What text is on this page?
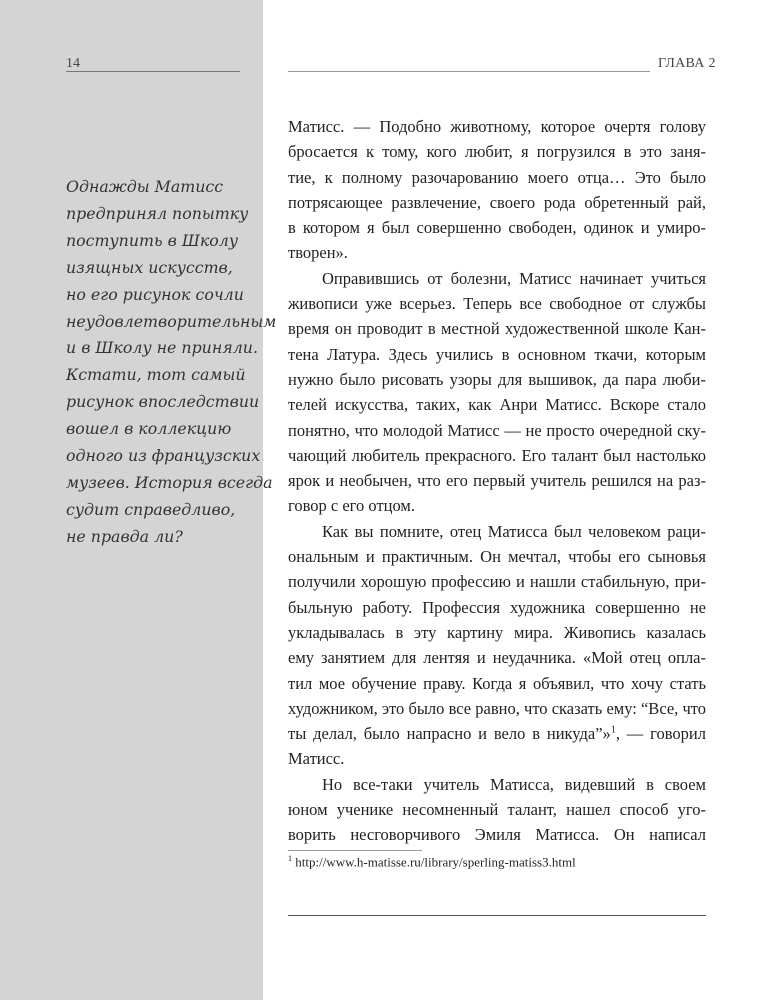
14	ГЛАВА 2
Однажды Матисс
предпринял попытку
поступить в Школу
изящных искусств,
но его рисунок сочли
неудовлетворительным
и в Школу не приняли.
Кстати, тот самый
рисунок впоследствии
вошел в коллекцию
одного из французских
музеев. История всегда
судит справедливо,
не правда ли?
Матисс. — Подобно животному, которое очертя голову
бросается к тому, кого любит, я погрузился в это заня-
тие, к полному разочарованию моего отца… Это было
потрясающее развлечение, своего рода обретенный рай,
в котором я был совершенно свободен, одинок и умиро-
творен».
Оправившись от болезни, Матисс начинает учиться
живописи уже всерьез. Теперь все свободное от службы
время он проводит в местной художественной школе Кан-
тена Латура. Здесь учились в основном ткачи, которым
нужно было рисовать узоры для вышивок, да пара люби-
телей искусства, таких, как Анри Матисс. Вскоре стало
понятно, что молодой Матисс — не просто очередной ску-
чающий любитель прекрасного. Его талант был настолько
ярок и необычен, что его первый учитель решился на раз-
говор с его отцом.
Как вы помните, отец Матисса был человеком раци-
ональным и практичным. Он мечтал, чтобы его сыновья
получили хорошую профессию и нашли стабильную, при-
быльную работу. Профессия художника совершенно не
укладывалась в эту картину мира. Живопись казалась
ему занятием для лентяя и неудачника. «Мой отец опла-
тил мое обучение праву. Когда я объявил, что хочу стать
художником, это было все равно, что сказать ему: “Все, что
ты делал, было напрасно и вело в никуда”»$^1$, — говорил
Матисс.
Но все-таки учитель Матисса, видевший в своем
юном ученике несомненный талант, нашел способ уго-
ворить несговорчивого Эмиля Матисса. Он написал
$^1$ http://www.h-matisse.ru/library/sperling-matiss3.html
